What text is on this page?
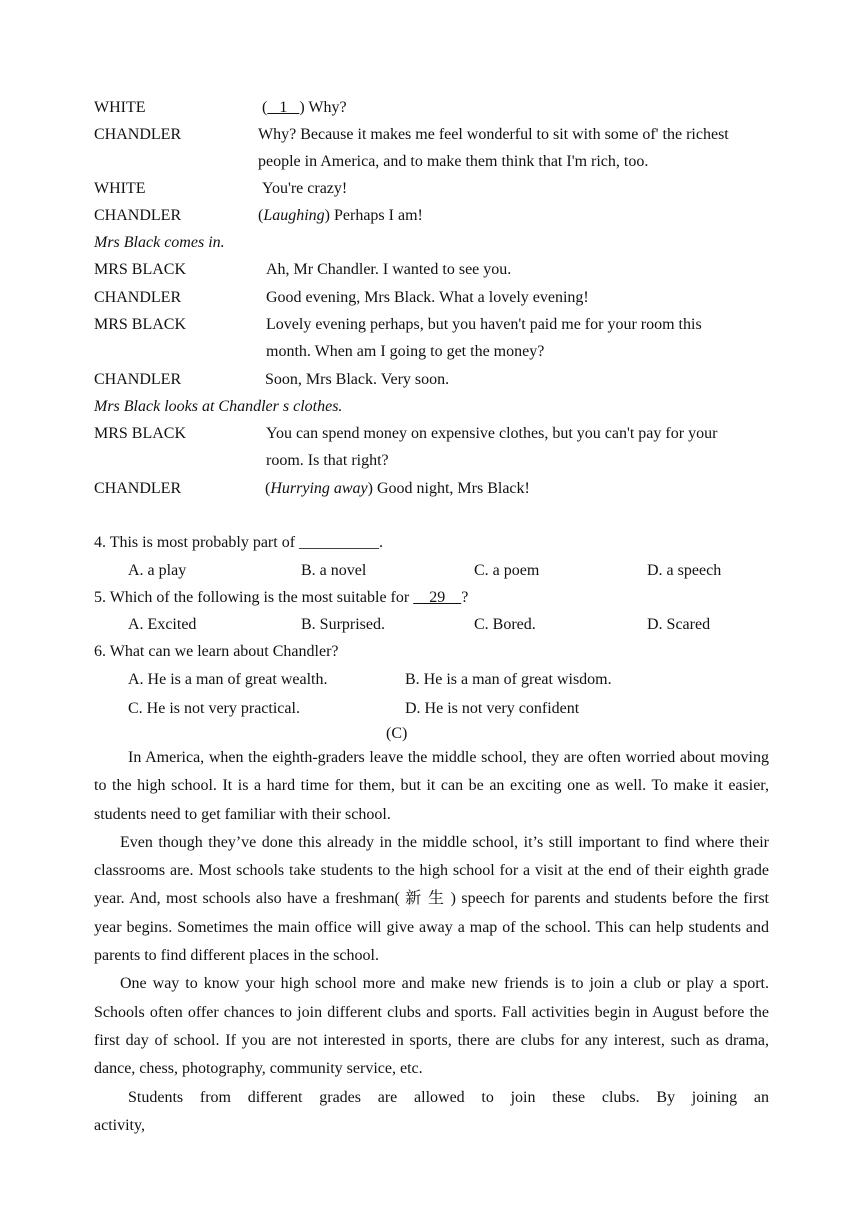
WHITE	(   1   ) Why?
CHANDLER	Why? Because it makes me feel wonderful to sit with some of' the richest
people in America, and to make them think that I'm rich, too.
WHITE	You're crazy!
CHANDLER	(Laughing) Perhaps I am!
Mrs Black comes in.
MRS BLACK	Ah, Mr Chandler. I wanted to see you.
CHANDLER	Good evening, Mrs Black. What a lovely evening!
MRS BLACK	Lovely evening perhaps, but you haven't paid me for your room this
month. When am I going to get the money?
CHANDLER	Soon, Mrs Black. Very soon.
Mrs Black looks at Chandler s clothes.
MRS BLACK	You can spend money on expensive clothes, but you can't pay for your
room. Is that right?
CHANDLER	(Hurrying away) Good night, Mrs Black!
4. This is most probably part of __________.
A. a play	B. a novel	C. a poem	D. a speech
5. Which of the following is the most suitable for     29    ?
A. Excited	B. Surprised.	C. Bored.	D. Scared
6. What can we learn about Chandler?
A. He is a man of great wealth.	B. He is a man of great wisdom.
C. He is not very practical.	D. He is not very confident
(C)

In America, when the eighth-graders leave the middle school, they are often worried about moving to the high school. It is a hard time for them, but it can be an exciting one as well. To make it easier, students need to get familiar with their school.

Even though they’ve done this already in the middle school, it’s still important to find where their classrooms are. Most schools take students to the high school for a visit at the end of their eighth grade year. And, most schools also have a freshman( 新 生 ) speech for parents and students before the first year begins. Sometimes the main office will give away a map of the school. This can help students and parents to find different places in the school.

One way to know your high school more and make new friends is to join a club or play a sport. Schools often offer chances to join different clubs and sports. Fall activities begin in August before the first day of school. If you are not interested in sports, there are clubs for any interest, such as drama, dance, chess, photography, community service, etc.

Students from different grades are allowed to join these clubs. By joining an activity,
